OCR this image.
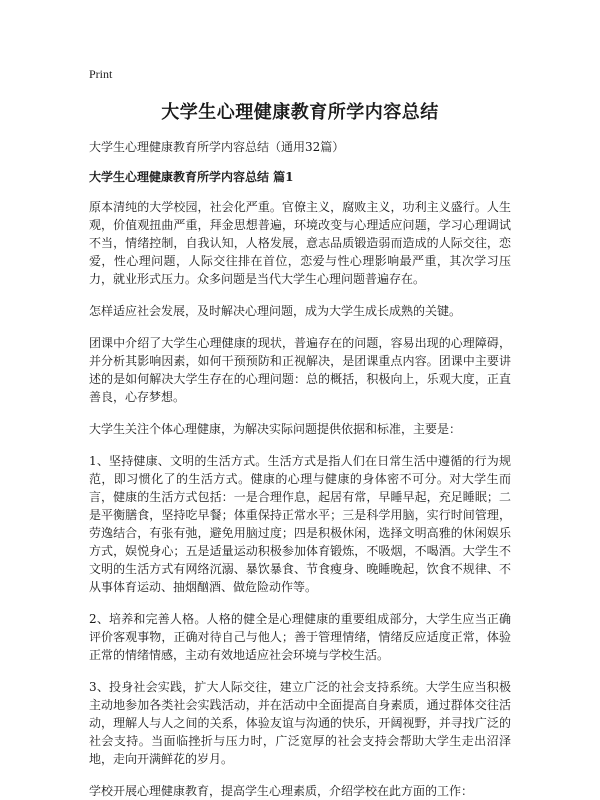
Print
大学生心理健康教育所学内容总结
大学生心理健康教育所学内容总结（通用32篇）
大学生心理健康教育所学内容总结 篇1

原本清纯的大学校园，社会化严重。官僚主义，腐败主义，功利主义盛行。人生观，价值观扭曲严重，拜金思想普遍，环境改变与心理适应问题，学习心理调试不当，情绪控制，自我认知，人格发展，意志品质锻造弱而造成的人际交往，恋爱，性心理问题，人际交往排在首位，恋爱与性心理影响最严重，其次学习压力，就业形式压力。众多问题是当代大学生心理问题普遍存在。

怎样适应社会发展，及时解决心理问题，成为大学生成长成熟的关键。

团课中介绍了大学生心理健康的现状，普遍存在的问题，容易出现的心理障碍，并分析其影响因素，如何干预预防和正视解决，是团课重点内容。团课中主要讲述的是如何解决大学生存在的心理问题：总的概括，积极向上，乐观大度，正直善良，心存梦想。

大学生关注个体心理健康，为解决实际问题提供依据和标准，主要是：

1、坚持健康、文明的生活方式。生活方式是指人们在日常生活中遵循的行为规范，即习惯化了的生活方式。健康的心理与健康的身体密不可分。对大学生而言，健康的生活方式包括：一是合理作息，起居有常，早睡早起，充足睡眠；二是平衡膳食，坚持吃早餐；体重保持正常水平；三是科学用脑，实行时间管理，劳逸结合，有张有弛，避免用脑过度；四是积极休闲，选择文明高雅的休闲娱乐方式，娱悦身心；五是适量运动积极参加体育锻炼，不吸烟，不喝酒。大学生不文明的生活方式有网络沉溺、暴饮暴食、节食瘦身、晚睡晚起，饮食不规律、不从事体育运动、抽烟酗酒、做危险动作等。

2、培养和完善人格。人格的健全是心理健康的重要组成部分，大学生应当正确评价客观事物，正确对待自己与他人；善于管理情绪，情绪反应适度正常，体验正常的情绪情感，主动有效地适应社会环境与学校生活。

3、投身社会实践，扩大人际交往，建立广泛的社会支持系统。大学生应当积极主动地参加各类社会实践活动，并在活动中全面提高自身素质，通过群体交往活动，理解人与人之间的关系，体验友谊与沟通的快乐，开阔视野，并寻找广泛的社会支持。当面临挫折与压力时，广泛宽厚的社会支持会帮助大学生走出沼泽地，走向开满鲜花的岁月。

学校开展心理健康教育，提高学生心理素质，介绍学校在此方面的工作：
